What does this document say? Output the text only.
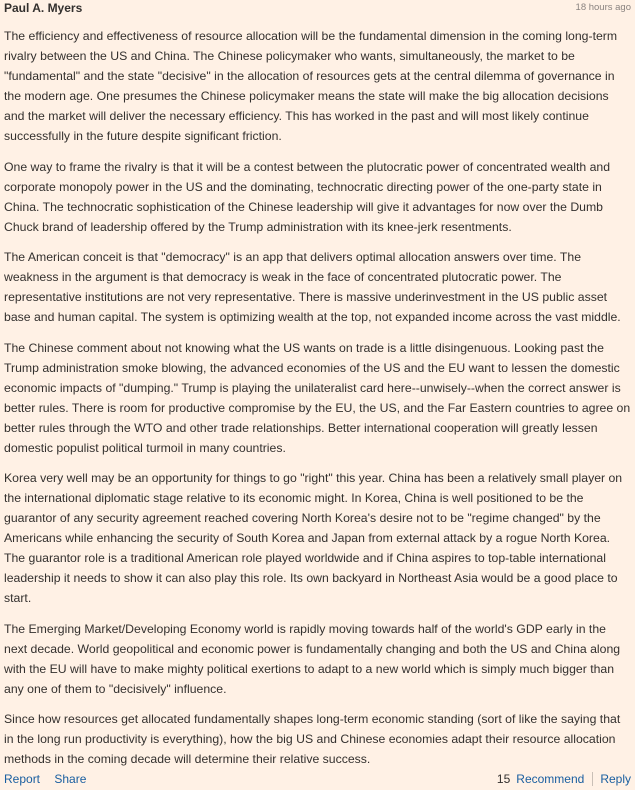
Paul A. Myers	18 hours ago

The efficiency and effectiveness of resource allocation will be the fundamental dimension in the coming long-term rivalry between the US and China. The Chinese policymaker who wants, simultaneously, the market to be "fundamental" and the state "decisive" in the allocation of resources gets at the central dilemma of governance in the modern age. One presumes the Chinese policymaker means the state will make the big allocation decisions and the market will deliver the necessary efficiency. This has worked in the past and will most likely continue successfully in the future despite significant friction.

One way to frame the rivalry is that it will be a contest between the plutocratic power of concentrated wealth and corporate monopoly power in the US and the dominating, technocratic directing power of the one-party state in China. The technocratic sophistication of the Chinese leadership will give it advantages for now over the Dumb Chuck brand of leadership offered by the Trump administration with its knee-jerk resentments.

The American conceit is that "democracy" is an app that delivers optimal allocation answers over time. The weakness in the argument is that democracy is weak in the face of concentrated plutocratic power. The representative institutions are not very representative. There is massive underinvestment in the US public asset base and human capital. The system is optimizing wealth at the top, not expanded income across the vast middle.

The Chinese comment about not knowing what the US wants on trade is a little disingenuous. Looking past the Trump administration smoke blowing, the advanced economies of the US and the EU want to lessen the domestic economic impacts of "dumping." Trump is playing the unilateralist card here--unwisely--when the correct answer is better rules. There is room for productive compromise by the EU, the US, and the Far Eastern countries to agree on better rules through the WTO and other trade relationships. Better international cooperation will greatly lessen domestic populist political turmoil in many countries.

Korea very well may be an opportunity for things to go "right" this year. China has been a relatively small player on the international diplomatic stage relative to its economic might. In Korea, China is well positioned to be the guarantor of any security agreement reached covering North Korea's desire not to be "regime changed" by the Americans while enhancing the security of South Korea and Japan from external attack by a rogue North Korea. The guarantor role is a traditional American role played worldwide and if China aspires to top-table international leadership it needs to show it can also play this role. Its own backyard in Northeast Asia would be a good place to start.

The Emerging Market/Developing Economy world is rapidly moving towards half of the world's GDP early in the next decade. World geopolitical and economic power is fundamentally changing and both the US and China along with the EU will have to make mighty political exertions to adapt to a new world which is simply much bigger than any one of them to "decisively" influence.

Since how resources get allocated fundamentally shapes long-term economic standing (sort of like the saying that in the long run productivity is everything), how the big US and Chinese economies adapt their resource allocation methods in the coming decade will determine their relative success.

Report Share	15 Recommend Reply
